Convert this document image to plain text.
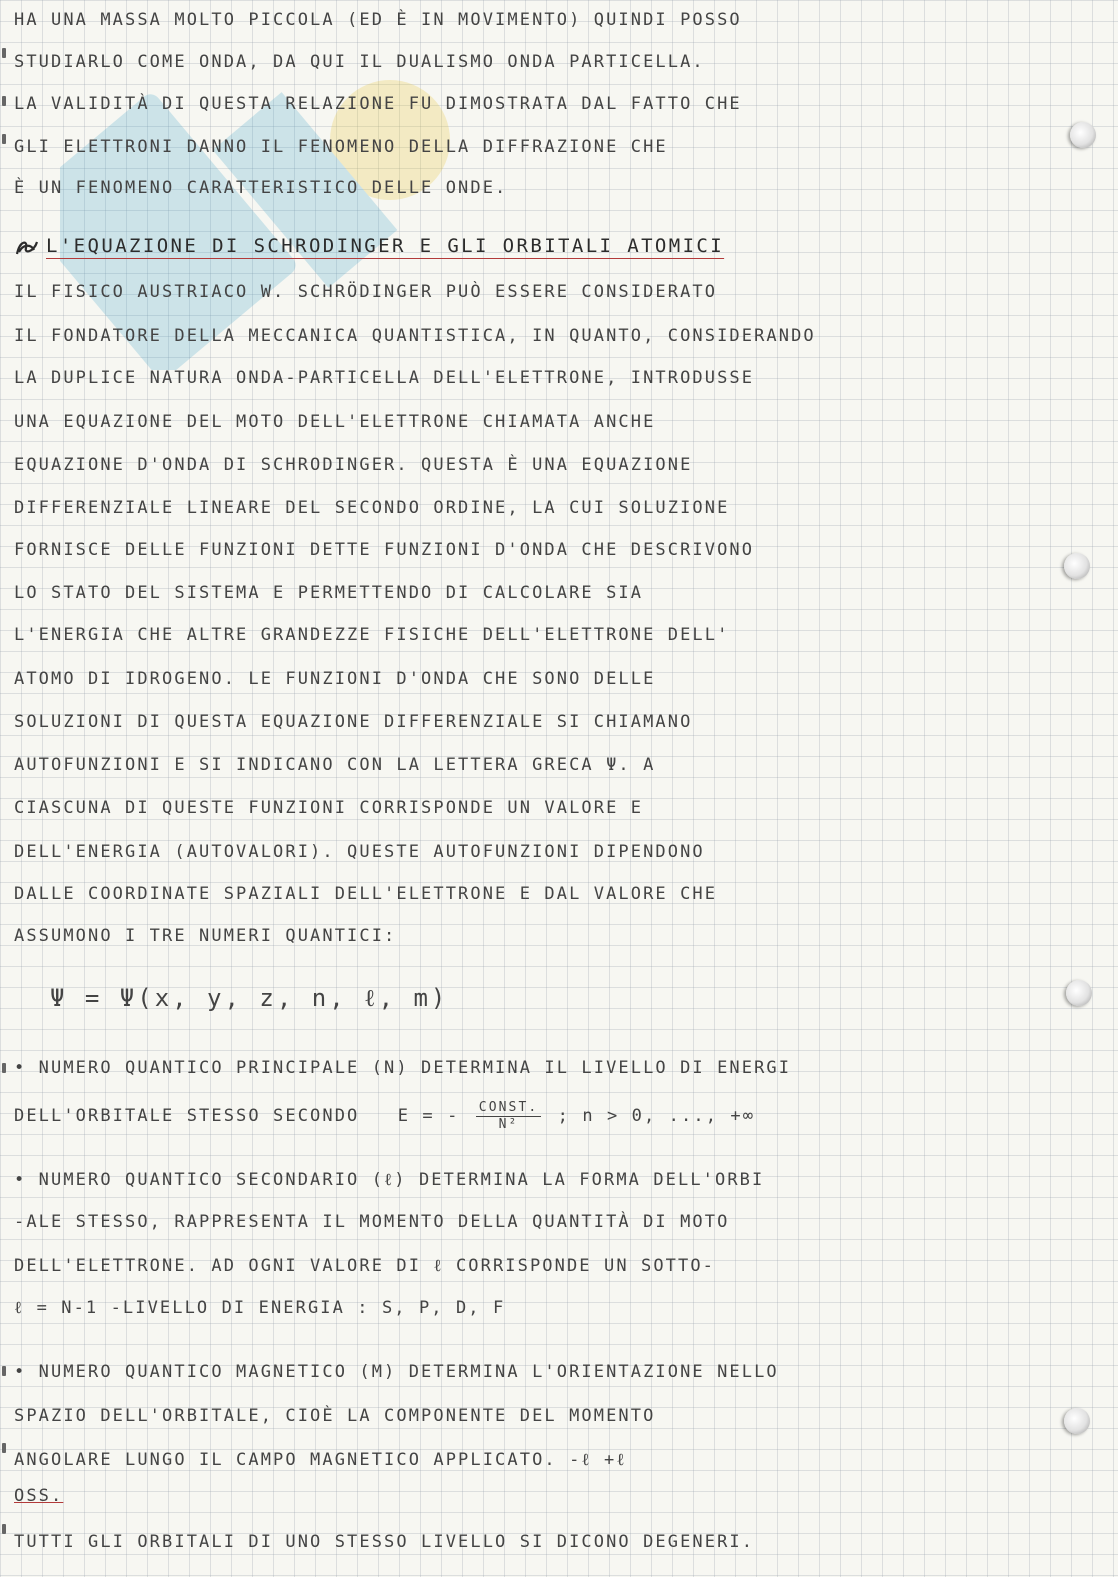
HA UNA MASSA MOLTO PICCOLA (ED È IN MOVIMENTO) QUINDI POSSO
STUDIARLO COME ONDA, DA QUI IL DUALISMO ONDA PARTICELLA.
LA VALIDITÀ DI QUESTA RELAZIONE FU DIMOSTRATA DAL FATTO CHE
GLI ELETTRONI DANNO IL FENOMENO DELLA DIFFRAZIONE CHE
È UN FENOMENO CARATTERISTICO DELLE ONDE.
L'EQUAZIONE DI SCHRODINGER E GLI ORBITALI ATOMICI
IL FISICO AUSTRIACO W. SCHRÖDINGER PUÒ ESSERE CONSIDERATO
IL FONDATORE DELLA MECCANICA QUANTISTICA, IN QUANTO, CONSIDERANDO
LA DUPLICE NATURA ONDA-PARTICELLA DELL'ELETTRONE, INTRODUSSE
UNA EQUAZIONE DEL MOTO DELL'ELETTRONE CHIAMATA ANCHE
EQUAZIONE D'ONDA DI SCHRODINGER. QUESTA È UNA EQUAZIONE
DIFFERENZIALE LINEARE DEL SECONDO ORDINE, LA CUI SOLUZIONE
FORNISCE DELLE FUNZIONI DETTE FUNZIONI D'ONDA CHE DESCRIVONO
LO STATO DEL SISTEMA E PERMETTENDO DI CALCOLARE SIA
L'ENERGIA CHE ALTRE GRANDEZZE FISICHE DELL'ELETTRONE DELL'
ATOMO DI IDROGENO. LE FUNZIONI D'ONDA CHE SONO DELLE
SOLUZIONI DI QUESTA EQUAZIONE DIFFERENZIALE SI CHIAMANO
AUTOFUNZIONI E SI INDICANO CON LA LETTERA GRECA Ψ. A
CIASCUNA DI QUESTE FUNZIONI CORRISPONDE UN VALORE E
DELL'ENERGIA (AUTOVALORI). QUESTE AUTOFUNZIONI DIPENDONO
DALLE COORDINATE SPAZIALI DELL'ELETTRONE E DAL VALORE CHE
ASSUMONO I TRE NUMERI QUANTICI:
Ψ = Ψ(x, y, z, n, ℓ, m)
• NUMERO QUANTICO PRINCIPALE (N) DETERMINA IL LIVELLO DI ENERGI
DELL'ORBITALE STESSO SECONDO E = - $\frac{\text{CONST.}}{\text{N²}}$ ; n > 0, ..., +∞
• NUMERO QUANTICO SECONDARIO (ℓ) DETERMINA LA FORMA DELL'ORBI
-ALE STESSO, RAPPRESENTA IL MOMENTO DELLA QUANTITÀ DI MOTO
DELL'ELETTRONE. AD OGNI VALORE DI ℓ CORRISPONDE UN SOTTO-
ℓ = N-1 -LIVELLO DI ENERGIA : S, P, D, F
• NUMERO QUANTICO MAGNETICO (M) DETERMINA L'ORIENTAZIONE NELLO
SPAZIO DELL'ORBITALE, CIOÈ LA COMPONENTE DEL MOMENTO
ANGOLARE LUNGO IL CAMPO MAGNETICO APPLICATO. -ℓ +ℓ
OSS.
TUTTI GLI ORBITALI DI UNO STESSO LIVELLO SI DICONO DEGENERI.
